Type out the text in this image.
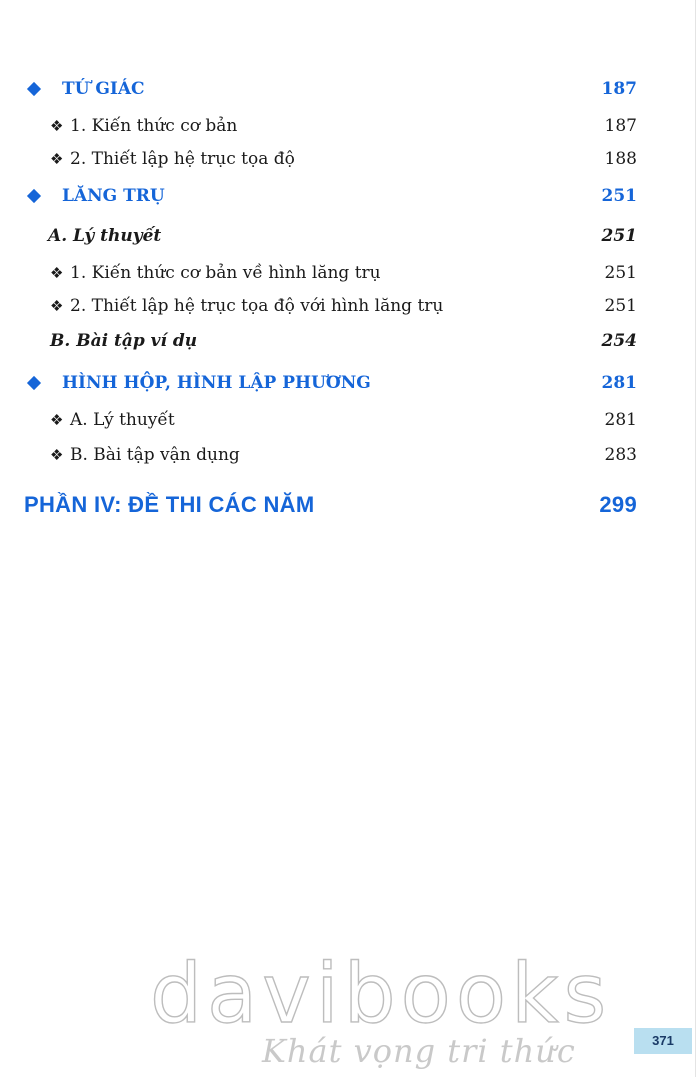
TỨ GIÁC	187
❖ 1. Kiến thức cơ bản	187
❖ 2. Thiết lập hệ trục tọa độ	188
LĂNG TRỤ	251
A. Lý thuyết	251
❖ 1. Kiến thức cơ bản về hình lăng trụ	251
❖ 2. Thiết lập hệ trục tọa độ với hình lăng trụ	251
B. Bài tập ví dụ	254
HÌNH HỘP, HÌNH LẬP PHƯƠNG	281
❖ A. Lý thuyết	281
❖ B. Bài tập vận dụng	283
PHẦN IV: ĐỀ THI CÁC NĂM	299
davibooks
Khát vọng tri thức	371
